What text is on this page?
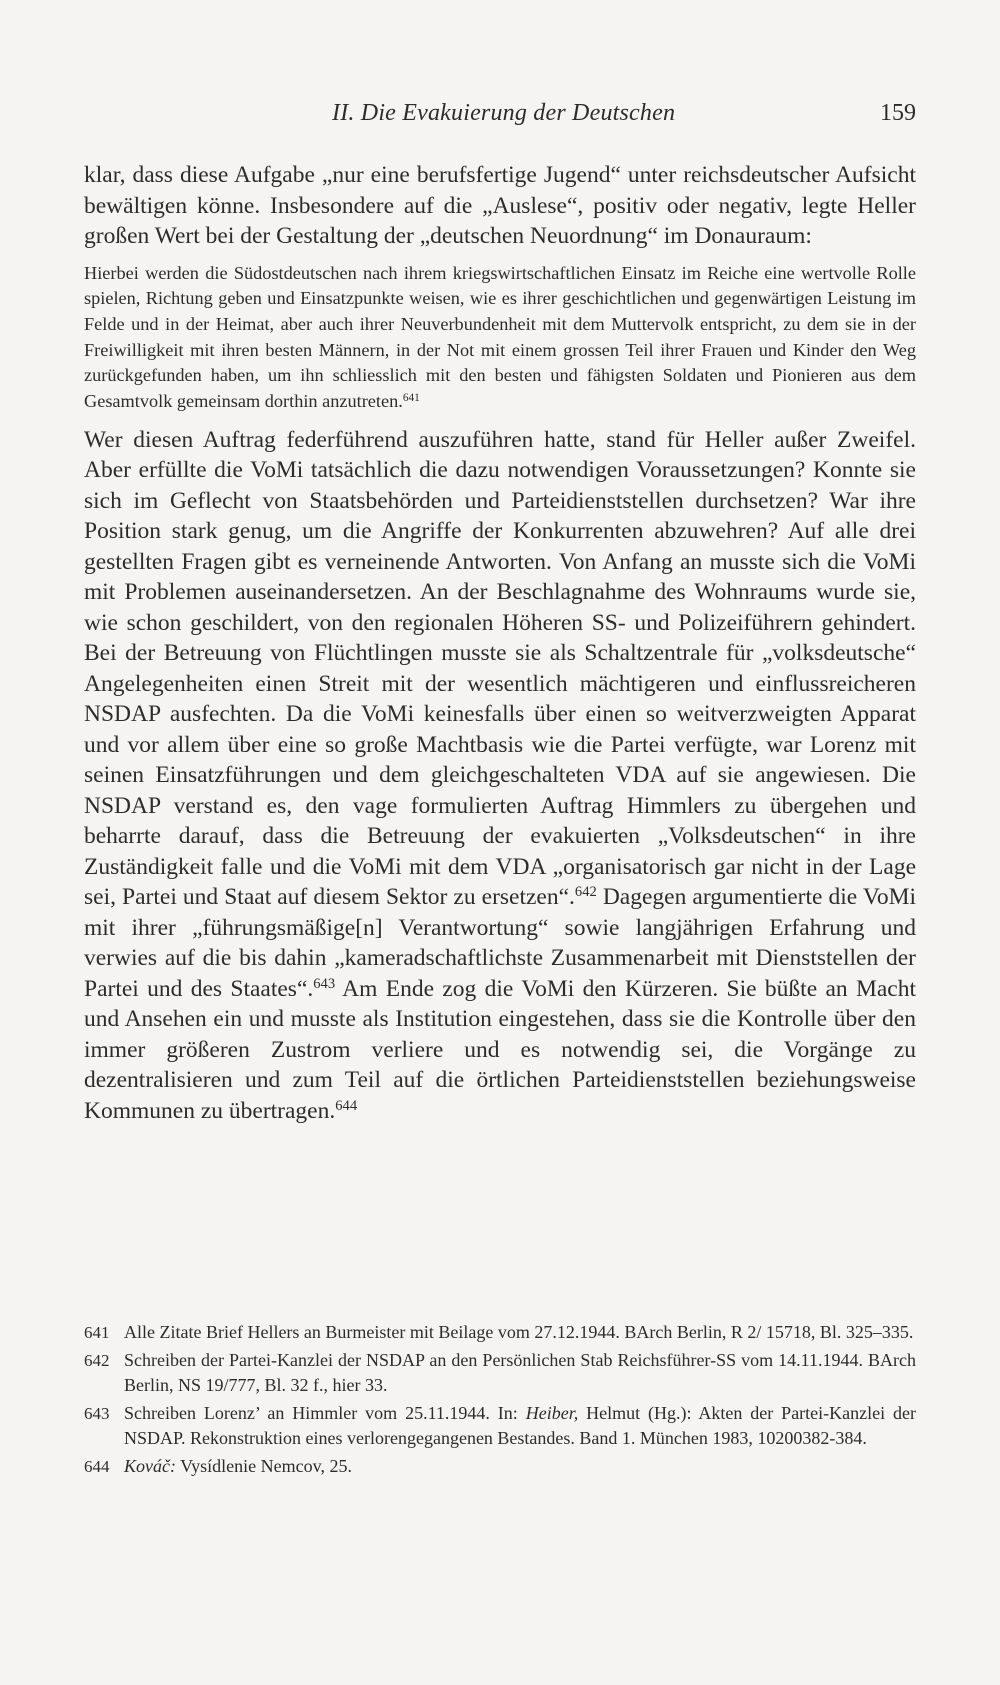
II. Die Evakuierung der Deutschen	159

klar, dass diese Aufgabe „nur eine berufsfertige Jugend“ unter reichsdeutscher Aufsicht bewältigen könne. Insbesondere auf die „Auslese“, positiv oder negativ, legte Heller großen Wert bei der Gestaltung der „deutschen Neuordnung“ im Donauraum:

Hierbei werden die Südostdeutschen nach ihrem kriegswirtschaftlichen Einsatz im Reiche eine wertvolle Rolle spielen, Richtung geben und Einsatzpunkte weisen, wie es ihrer geschichtlichen und gegenwärtigen Leistung im Felde und in der Heimat, aber auch ihrer Neuverbundenheit mit dem Muttervolk entspricht, zu dem sie in der Freiwilligkeit mit ihren besten Männern, in der Not mit einem grossen Teil ihrer Frauen und Kinder den Weg zurückgefunden haben, um ihn schliesslich mit den besten und fähigsten Soldaten und Pionieren aus dem Gesamtvolk gemeinsam dorthin anzutreten.$^{641}$

Wer diesen Auftrag federführend auszuführen hatte, stand für Heller außer Zweifel. Aber erfüllte die VoMi tatsächlich die dazu notwendigen Voraussetzungen? Konnte sie sich im Geflecht von Staatsbehörden und Parteidienststellen durchsetzen? War ihre Position stark genug, um die Angriffe der Konkurrenten abzuwehren? Auf alle drei gestellten Fragen gibt es verneinende Antworten. Von Anfang an musste sich die VoMi mit Problemen auseinandersetzen. An der Beschlagnahme des Wohnraums wurde sie, wie schon geschildert, von den regionalen Höheren SS- und Polizeiführern gehindert. Bei der Betreuung von Flüchtlingen musste sie als Schaltzentrale für „volksdeutsche“ Angelegenheiten einen Streit mit der wesentlich mächtigeren und einflussreicheren NSDAP ausfechten. Da die VoMi keinesfalls über einen so weitverzweigten Apparat und vor allem über eine so große Machtbasis wie die Partei verfügte, war Lorenz mit seinen Einsatzführungen und dem gleichgeschalteten VDA auf sie angewiesen. Die NSDAP verstand es, den vage formulierten Auftrag Himmlers zu übergehen und beharrte darauf, dass die Betreuung der evakuierten „Volksdeutschen“ in ihre Zuständigkeit falle und die VoMi mit dem VDA „organisatorisch gar nicht in der Lage sei, Partei und Staat auf diesem Sektor zu ersetzen“.$^{642}$ Dagegen argumentierte die VoMi mit ihrer „führungsmäßige[n] Verantwortung“ sowie langjährigen Erfahrung und verwies auf die bis dahin „kameradschaftlichste Zusammenarbeit mit Dienststellen der Partei und des Staates“.$^{643}$ Am Ende zog die VoMi den Kürzeren. Sie büßte an Macht und Ansehen ein und musste als Institution eingestehen, dass sie die Kontrolle über den immer größeren Zustrom verliere und es notwendig sei, die Vorgänge zu dezentralisieren und zum Teil auf die örtlichen Parteidienststellen beziehungsweise Kommunen zu übertragen.$^{644}$

641 Alle Zitate Brief Hellers an Burmeister mit Beilage vom 27.12.1944. BArch Berlin, R 2/ 15718, Bl. 325–335.
642 Schreiben der Partei-Kanzlei der NSDAP an den Persönlichen Stab Reichsführer-SS vom 14.11.1944. BArch Berlin, NS 19/777, Bl. 32 f., hier 33.
643 Schreiben Lorenz’ an Himmler vom 25.11.1944. In: Heiber, Helmut (Hg.): Akten der Partei-Kanzlei der NSDAP. Rekonstruktion eines verlorengegangenen Bestandes. Band 1. München 1983, 10200382-384.
644 Kováč: Vysídlenie Nemcov, 25.
